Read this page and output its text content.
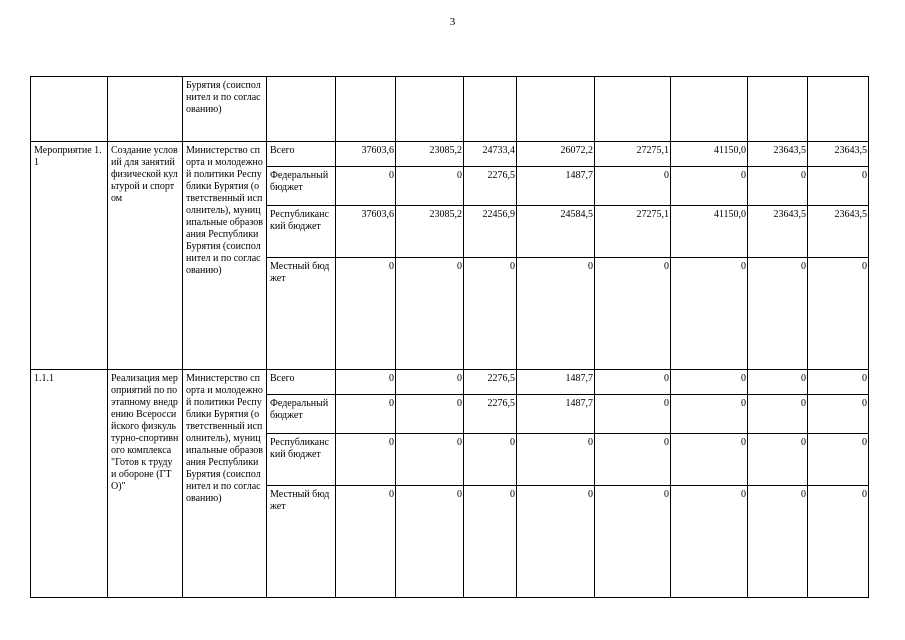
3
		Бурятия (соисполнител и по согласованию)									
Мероприятие 1.1	Создание условий для занятий физической культурой и спортом	Министерство спорта и молодежной политики Республики Бурятия (ответственный исполнитель), муниципальные образования Республики Бурятия (соисполнител и по согласованию)	Всего	37603,6	23085,2	24733,4	26072,2	27275,1	41150,0	23643,5	23643,5
			Федеральный бюджет	0	0	2276,5	1487,7	0	0	0	0
			Республиканский бюджет	37603,6	23085,2	22456,9	24584,5	27275,1	41150,0	23643,5	23643,5
			Местный бюджет	0	0	0	0	0	0	0	0
1.1.1	Реализация мероприятий по поэтапному внедрению Всероссийского физкультурно-спортивного комплекса "Готов к труду и обороне (ГТО)"	Министерство спорта и молодежной политики Республики Бурятия (ответственный исполнитель), муниципальные образования Республики Бурятия (соисполнител и по согласованию)	Всего	0	0	2276,5	1487,7	0	0	0	0
			Федеральный бюджет	0	0	2276,5	1487,7	0	0	0	0
			Республиканский бюджет	0	0	0	0	0	0	0	0
			Местный бюджет	0	0	0	0	0	0	0	0
